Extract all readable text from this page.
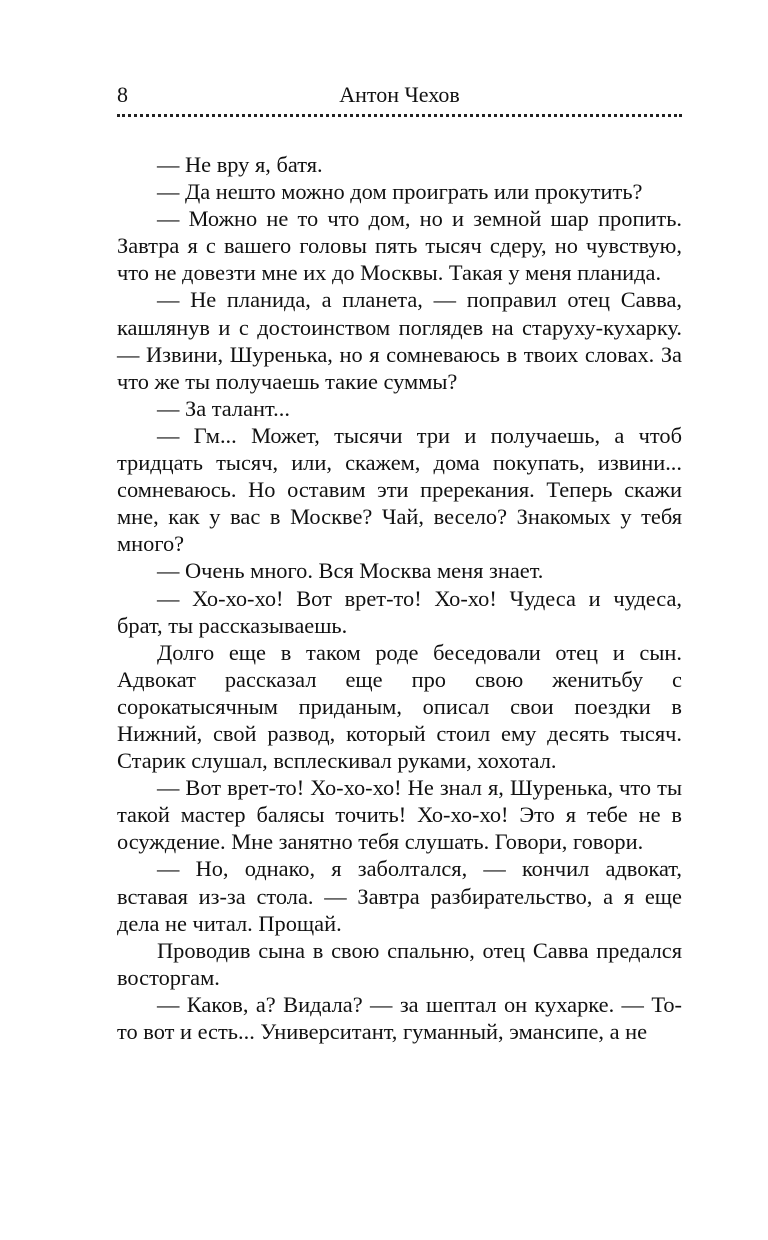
8	Антон Чехов

— Не вру я, батя.

— Да нешто можно дом проиграть или прокутить?

— Можно не то что дом, но и земной шар пропить. Завтра я с вашего головы пять тысяч сдеру, но чувствую, что не довезти мне их до Москвы. Такая у меня планида.

— Не планида, а планета, — поправил отец Савва, кашлянув и с достоинством поглядев на старуху-кухарку. — Извини, Шуренька, но я сомневаюсь в твоих словах. За что же ты получаешь такие суммы?

— За талант...

— Гм... Может, тысячи три и получаешь, а чтоб тридцать тысяч, или, скажем, дома покупать, извини... сомневаюсь. Но оставим эти пререкания. Теперь скажи мне, как у вас в Москве? Чай, весело? Знакомых у тебя много?

— Очень много. Вся Москва меня знает.

— Хо-хо-хо! Вот врет-то! Хо-хо! Чудеса и чудеса, брат, ты рассказываешь.

Долго еще в таком роде беседовали отец и сын. Адвокат рассказал еще про свою женитьбу с сорокатысячным приданым, описал свои поездки в Нижний, свой развод, который стоил ему десять тысяч. Старик слушал, всплескивал руками, хохотал.

— Вот врет-то! Хо-хо-хо! Не знал я, Шуренька, что ты такой мастер балясы точить! Хо-хо-хо! Это я тебе не в осуждение. Мне занятно тебя слушать. Говори, говори.

— Но, однако, я заболтался, — кончил адвокат, вставая из-за стола. — Завтра разбирательство, а я еще дела не читал. Прощай.

Проводив сына в свою спальню, отец Савва предался восторгам.

— Каков, а? Видала? — за шептал он кухарке. — То-то вот и есть... Университант, гуманный, эмансипе, а не
